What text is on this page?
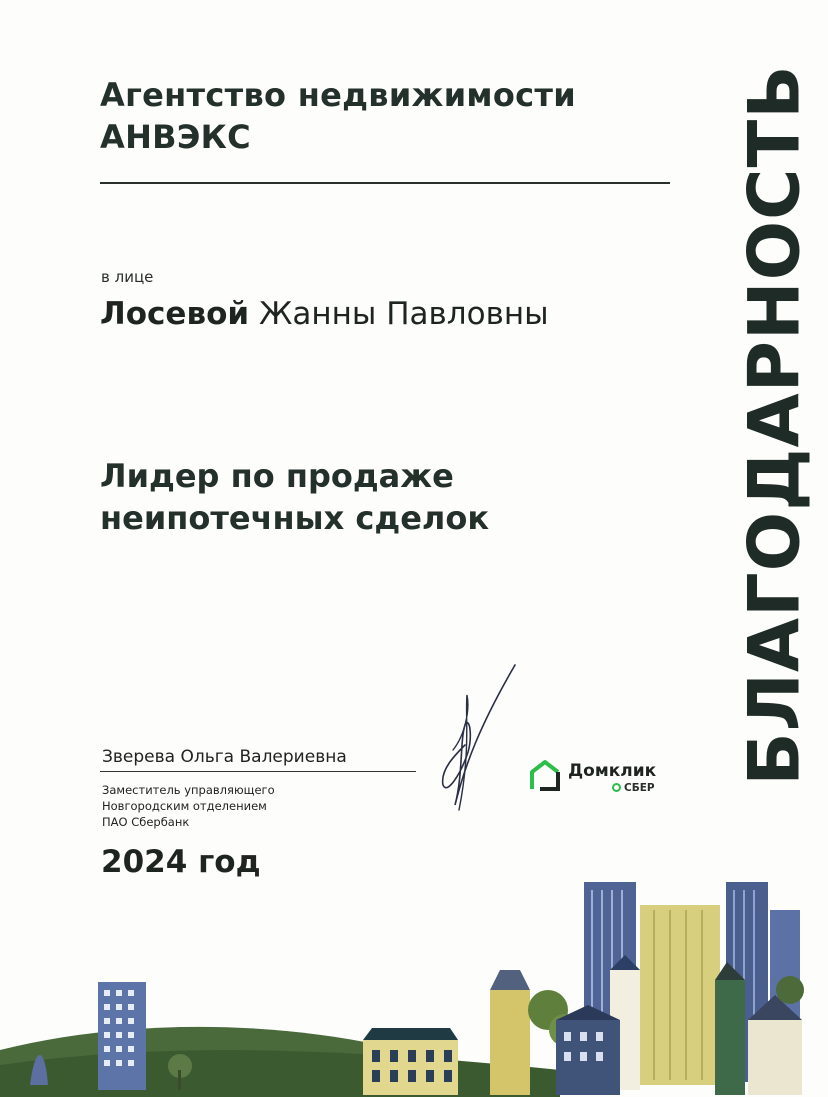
Агентство недвижимости
АНВЭКС
в лице
Лосевой Жанны Павловны
Лидер по продаже
неипотечных сделок
Зверева Ольга Валериевна
Заместитель управляющего
Новгородским отделением
ПАО Сбербанк
2024 год
Домклик
СБЕР
БЛАГОДАРНОСТЬ
